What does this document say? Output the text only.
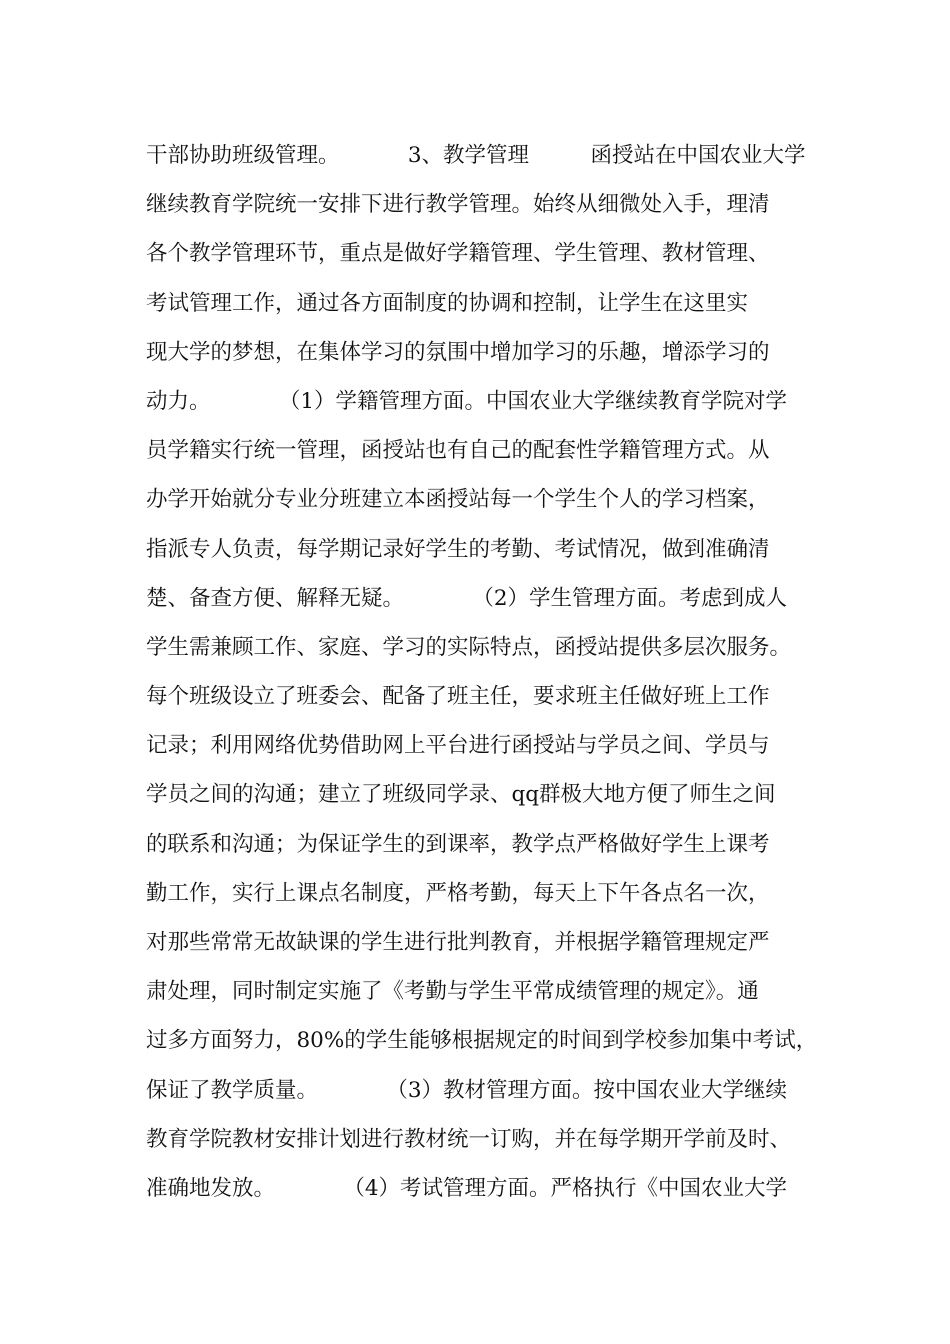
干部协助班级管理。          3、教学管理         函授站在中国农业大学
继续教育学院统一安排下进行教学管理。始终从细微处入手，理清
各个教学管理环节，重点是做好学籍管理、学生管理、教材管理、
考试管理工作，通过各方面制度的协调和控制，让学生在这里实
现大学的梦想，在集体学习的氛围中增加学习的乐趣，增添学习的
动力。          （1）学籍管理方面。中国农业大学继续教育学院对学
员学籍实行统一管理，函授站也有自己的配套性学籍管理方式。从
办学开始就分专业分班建立本函授站每一个学生个人的学习档案，
指派专人负责，每学期记录好学生的考勤、考试情况，做到准确清
楚、备查方便、解释无疑。          （2）学生管理方面。考虑到成人
学生需兼顾工作、家庭、学习的实际特点，函授站提供多层次服务。
每个班级设立了班委会、配备了班主任，要求班主任做好班上工作
记录；利用网络优势借助网上平台进行函授站与学员之间、学员与
学员之间的沟通；建立了班级同学录、qq群极大地方便了师生之间
的联系和沟通；为保证学生的到课率，教学点严格做好学生上课考
勤工作，实行上课点名制度，严格考勤，每天上下午各点名一次，
对那些常常无故缺课的学生进行批判教育，并根据学籍管理规定严
肃处理，同时制定实施了《考勤与学生平常成绩管理的规定》。通
过多方面努力，80%的学生能够根据规定的时间到学校参加集中考试，
保证了教学质量。          （3）教材管理方面。按中国农业大学继续
教育学院教材安排计划进行教材统一订购，并在每学期开学前及时、
准确地发放。          （4）考试管理方面。严格执行《中国农业大学
